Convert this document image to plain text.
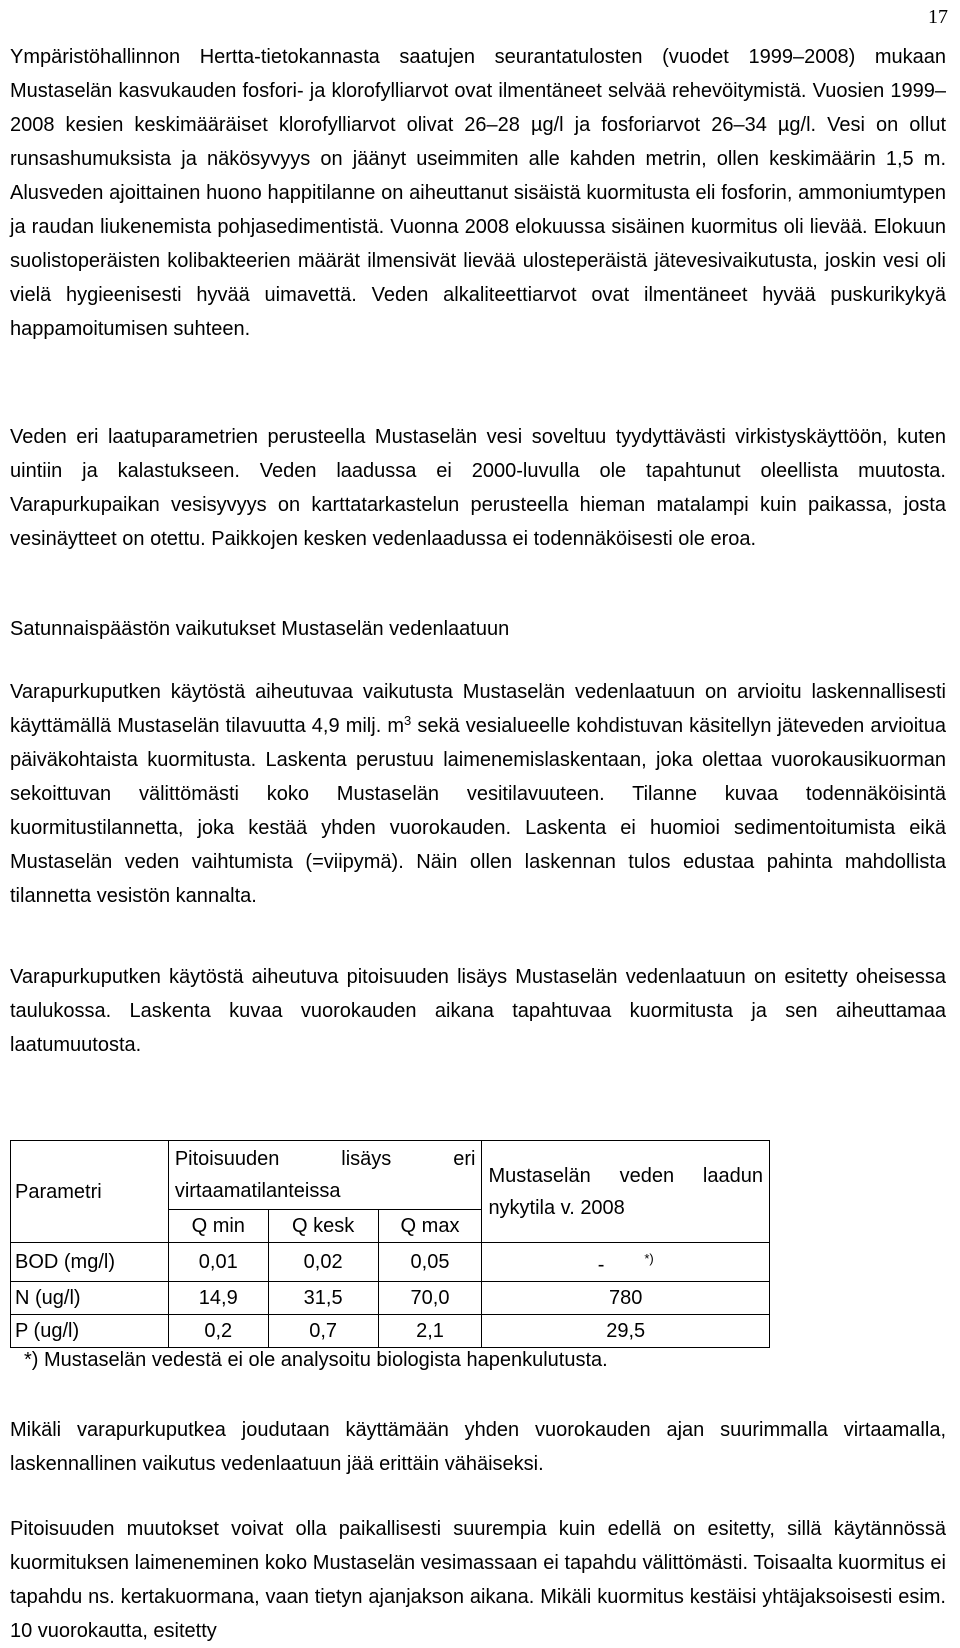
17

Ympäristöhallinnon Hertta-tietokannasta saatujen seurantatulosten (vuodet 1999–2008) mukaan Mustaselän kasvukauden fosfori- ja klorofylliarvot ovat ilmentäneet selvää rehevöitymistä. Vuosien 1999–2008 kesien keskimääräiset klorofylliarvot olivat 26–28 µg/l ja fosforiarvot 26–34 µg/l. Vesi on ollut runsashumuksista ja näkösyvyys on jäänyt useimmiten alle kahden metrin, ollen keskimäärin 1,5 m. Alusveden ajoittainen huono happitilanne on aiheuttanut sisäistä kuormitusta eli fosforin, ammoniumtypen ja raudan liukenemista pohjasedimentistä. Vuonna 2008 elokuussa sisäinen kuormitus oli lievää. Elokuun suolistoperäisten kolibakteerien määrät ilmensivät lievää ulosteperäistä jätevesivaikutusta, joskin vesi oli vielä hygieenisesti hyvää uimavettä. Veden alkaliteettiarvot ovat ilmentäneet hyvää puskurikykyä happamoitumisen suhteen.

Veden eri laatuparametrien perusteella Mustaselän vesi soveltuu tyydyttävästi virkistyskäyttöön, kuten uintiin ja kalastukseen. Veden laadussa ei 2000-luvulla ole tapahtunut oleellista muutosta. Varapurkupaikan vesisyvyys on karttatarkastelun perusteella hieman matalampi kuin paikassa, josta vesinäytteet on otettu. Paikkojen kesken vedenlaadussa ei todennäköisesti ole eroa.

Satunnaispäästön vaikutukset Mustaselän vedenlaatuun

Varapurkuputken käytöstä aiheutuvaa vaikutusta Mustaselän vedenlaatuun on arvioitu laskennallisesti käyttämällä Mustaselän tilavuutta 4,9 milj. $m^3$ sekä vesialueelle kohdistuvan käsitellyn jäteveden arvioitua päiväkohtaista kuormitusta. Laskenta perustuu laimenemislaskentaan, joka olettaa vuorokausikuorman sekoittuvan välittömästi koko Mustaselän vesitilavuuteen. Tilanne kuvaa todennäköisintä kuormitustilannetta, joka kestää yhden vuorokauden. Laskenta ei huomioi sedimentoitumista eikä Mustaselän veden vaihtumista (=viipymä). Näin ollen laskennan tulos edustaa pahinta mahdollista tilannetta vesistön kannalta.

Varapurkuputken käytöstä aiheutuva pitoisuuden lisäys Mustaselän vedenlaatuun on esitetty oheisessa taulukossa. Laskenta kuvaa vuorokauden aikana tapahtuvaa kuormitusta ja sen aiheuttamaa laatumuutosta.

Parametri	Pitoisuuden lisäys eri virtaamatilanteissa			Mustaselän veden laadun nykytila v. 2008
	Q min	Q kesk	Q max	
BOD (mg/l)	0,01	0,02	0,05	- *)
N (ug/l)	14,9	31,5	70,0	780
P (ug/l)	0,2	0,7	2,1	29,5
*) Mustaselän vedestä ei ole analysoitu biologista hapenkulutusta.

Mikäli varapurkuputkea joudutaan käyttämään yhden vuorokauden ajan suurimmalla virtaamalla, laskennallinen vaikutus vedenlaatuun jää erittäin vähäiseksi.

Pitoisuuden muutokset voivat olla paikallisesti suurempia kuin edellä on esitetty, sillä käytännössä kuormituksen laimeneminen koko Mustaselän vesimassaan ei tapahdu välittömästi. Toisaalta kuormitus ei tapahdu ns. kertakuormana, vaan tietyn ajanjakson aikana. Mikäli kuormitus kestäisi yhtäjaksoisesti esim. 10 vuorokautta, esitetty
